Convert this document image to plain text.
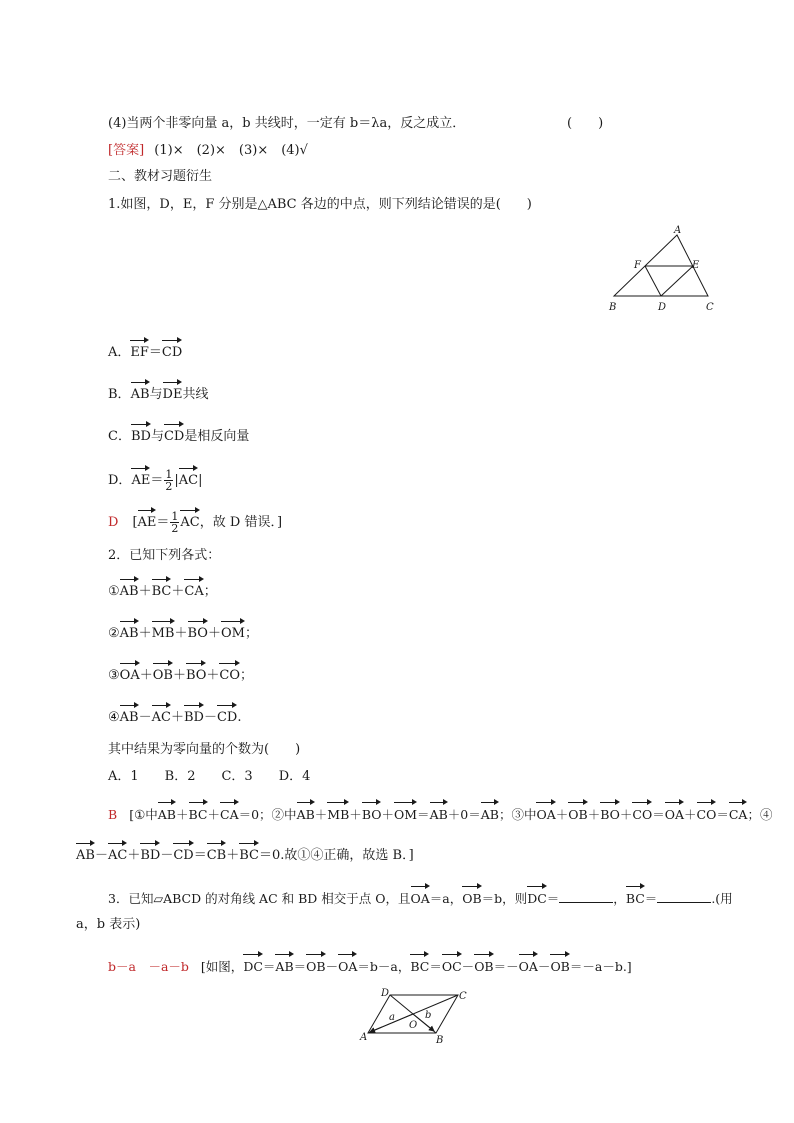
(4)当两个非零向量 a，b 共线时，一定有 b＝λa，反之成立．	(　　)
[答案] (1)×　(2)×　(3)×　(4)√
二、教材习题衍生
1.如图，D，E，F 分别是△ABC 各边的中点，则下列结论错误的是(　　)
A
F	E
B	D	C
A．EF＝CD
B．AB与DE共线
C．BD与CD是相反向量
D．$AE= \frac{1}{2} |AC|$
D [$AE= \frac{1}{2}$ AC，故 D 错误．]
2．已知下列各式：
①AB＋BC＋CA；
②AB＋MB＋BO＋OM；
③OA＋OB＋BO＋CO；
④AB－AC＋BD－CD.
其中结果为零向量的个数为(　　)
A．1　　B．2　　C．3　　D．4
B [①中AB＋BC＋CA＝0；②中AB＋MB＋BO＋OM＝AB＋0＝AB；③中OA＋OB＋BO＋CO＝OA＋CO＝CA；④
AB－AC＋BD－CD＝CB＋BC＝0.故①④正确，故选 B．]
3．已知▱ABCD 的对角线 AC 和 BD 相交于点 O，且OA＝a，OB＝b，则DC＝	，BC＝	.(用
a，b 表示)
b－a　－a－b [如图，DC＝AB＝OB－OA＝b－a，BC＝OC－OB＝－OA－OB＝－a－b.]
A	B
C
D
O
a	b
